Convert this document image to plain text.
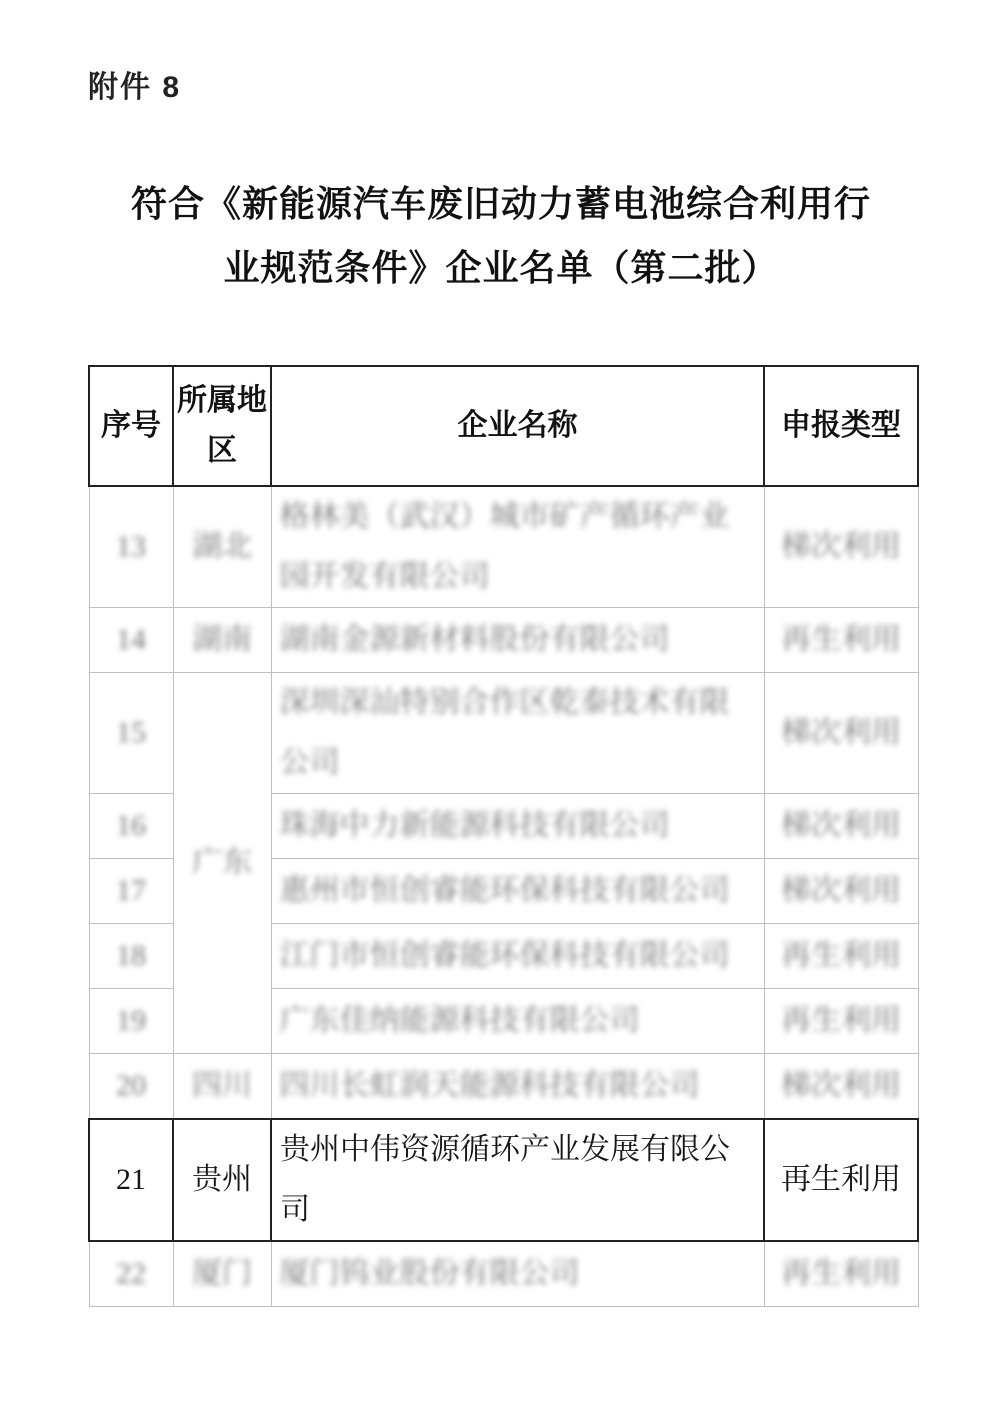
附件 8
符合《新能源汽车废旧动力蓄电池综合利用行
业规范条件》企业名单（第二批）
序号	所属地区	企业名称	申报类型
13	湖北	格林美（武汉）城市矿产循环产业园开发有限公司	梯次利用
14	湖南	湖南金源新材料股份有限公司	再生利用
15	广东	深圳深汕特别合作区乾泰技术有限公司	梯次利用
16		珠海中力新能源科技有限公司	梯次利用
17		惠州市恒创睿能环保科技有限公司	梯次利用
18		江门市恒创睿能环保科技有限公司	再生利用
19		广东佳纳能源科技有限公司	再生利用
20	四川	四川长虹润天能源科技有限公司	梯次利用
21	贵州	贵州中伟资源循环产业发展有限公司	再生利用
22	厦门	厦门钨业股份有限公司	再生利用
